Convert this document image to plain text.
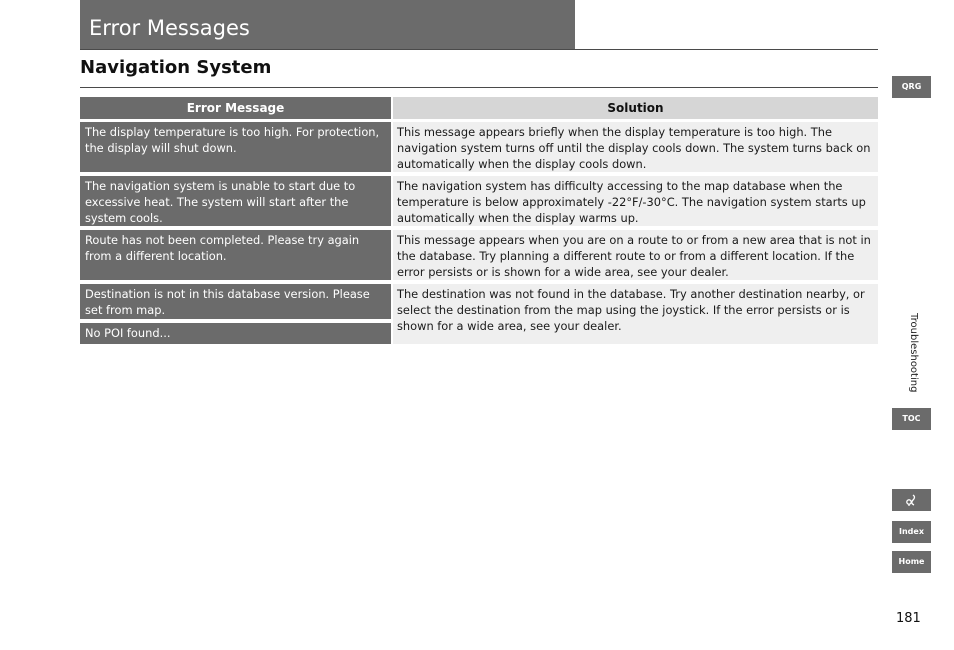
Error Messages
Navigation System
Error Message	Solution
The display temperature is too high. For protection, the display will shut down.
This message appears briefly when the display temperature is too high. The navigation system turns off until the display cools down. The system turns back on automatically when the display cools down.
The navigation system is unable to start due to excessive heat. The system will start after the system cools.
The navigation system has difficulty accessing to the map database when the temperature is below approximately -22°F/-30°C. The navigation system starts up automatically when the display warms up.
Route has not been completed. Please try again from a different location.
This message appears when you are on a route to or from a new area that is not in the database. Try planning a different route to or from a different location. If the error persists or is shown for a wide area, see your dealer.
Destination is not in this database version. Please set from map.
No POI found...
The destination was not found in the database. Try another destination nearby, or select the destination from the map using the joystick. If the error persists or is shown for a wide area, see your dealer.
QRG
Troubleshooting
TOC
Index
Home
181
